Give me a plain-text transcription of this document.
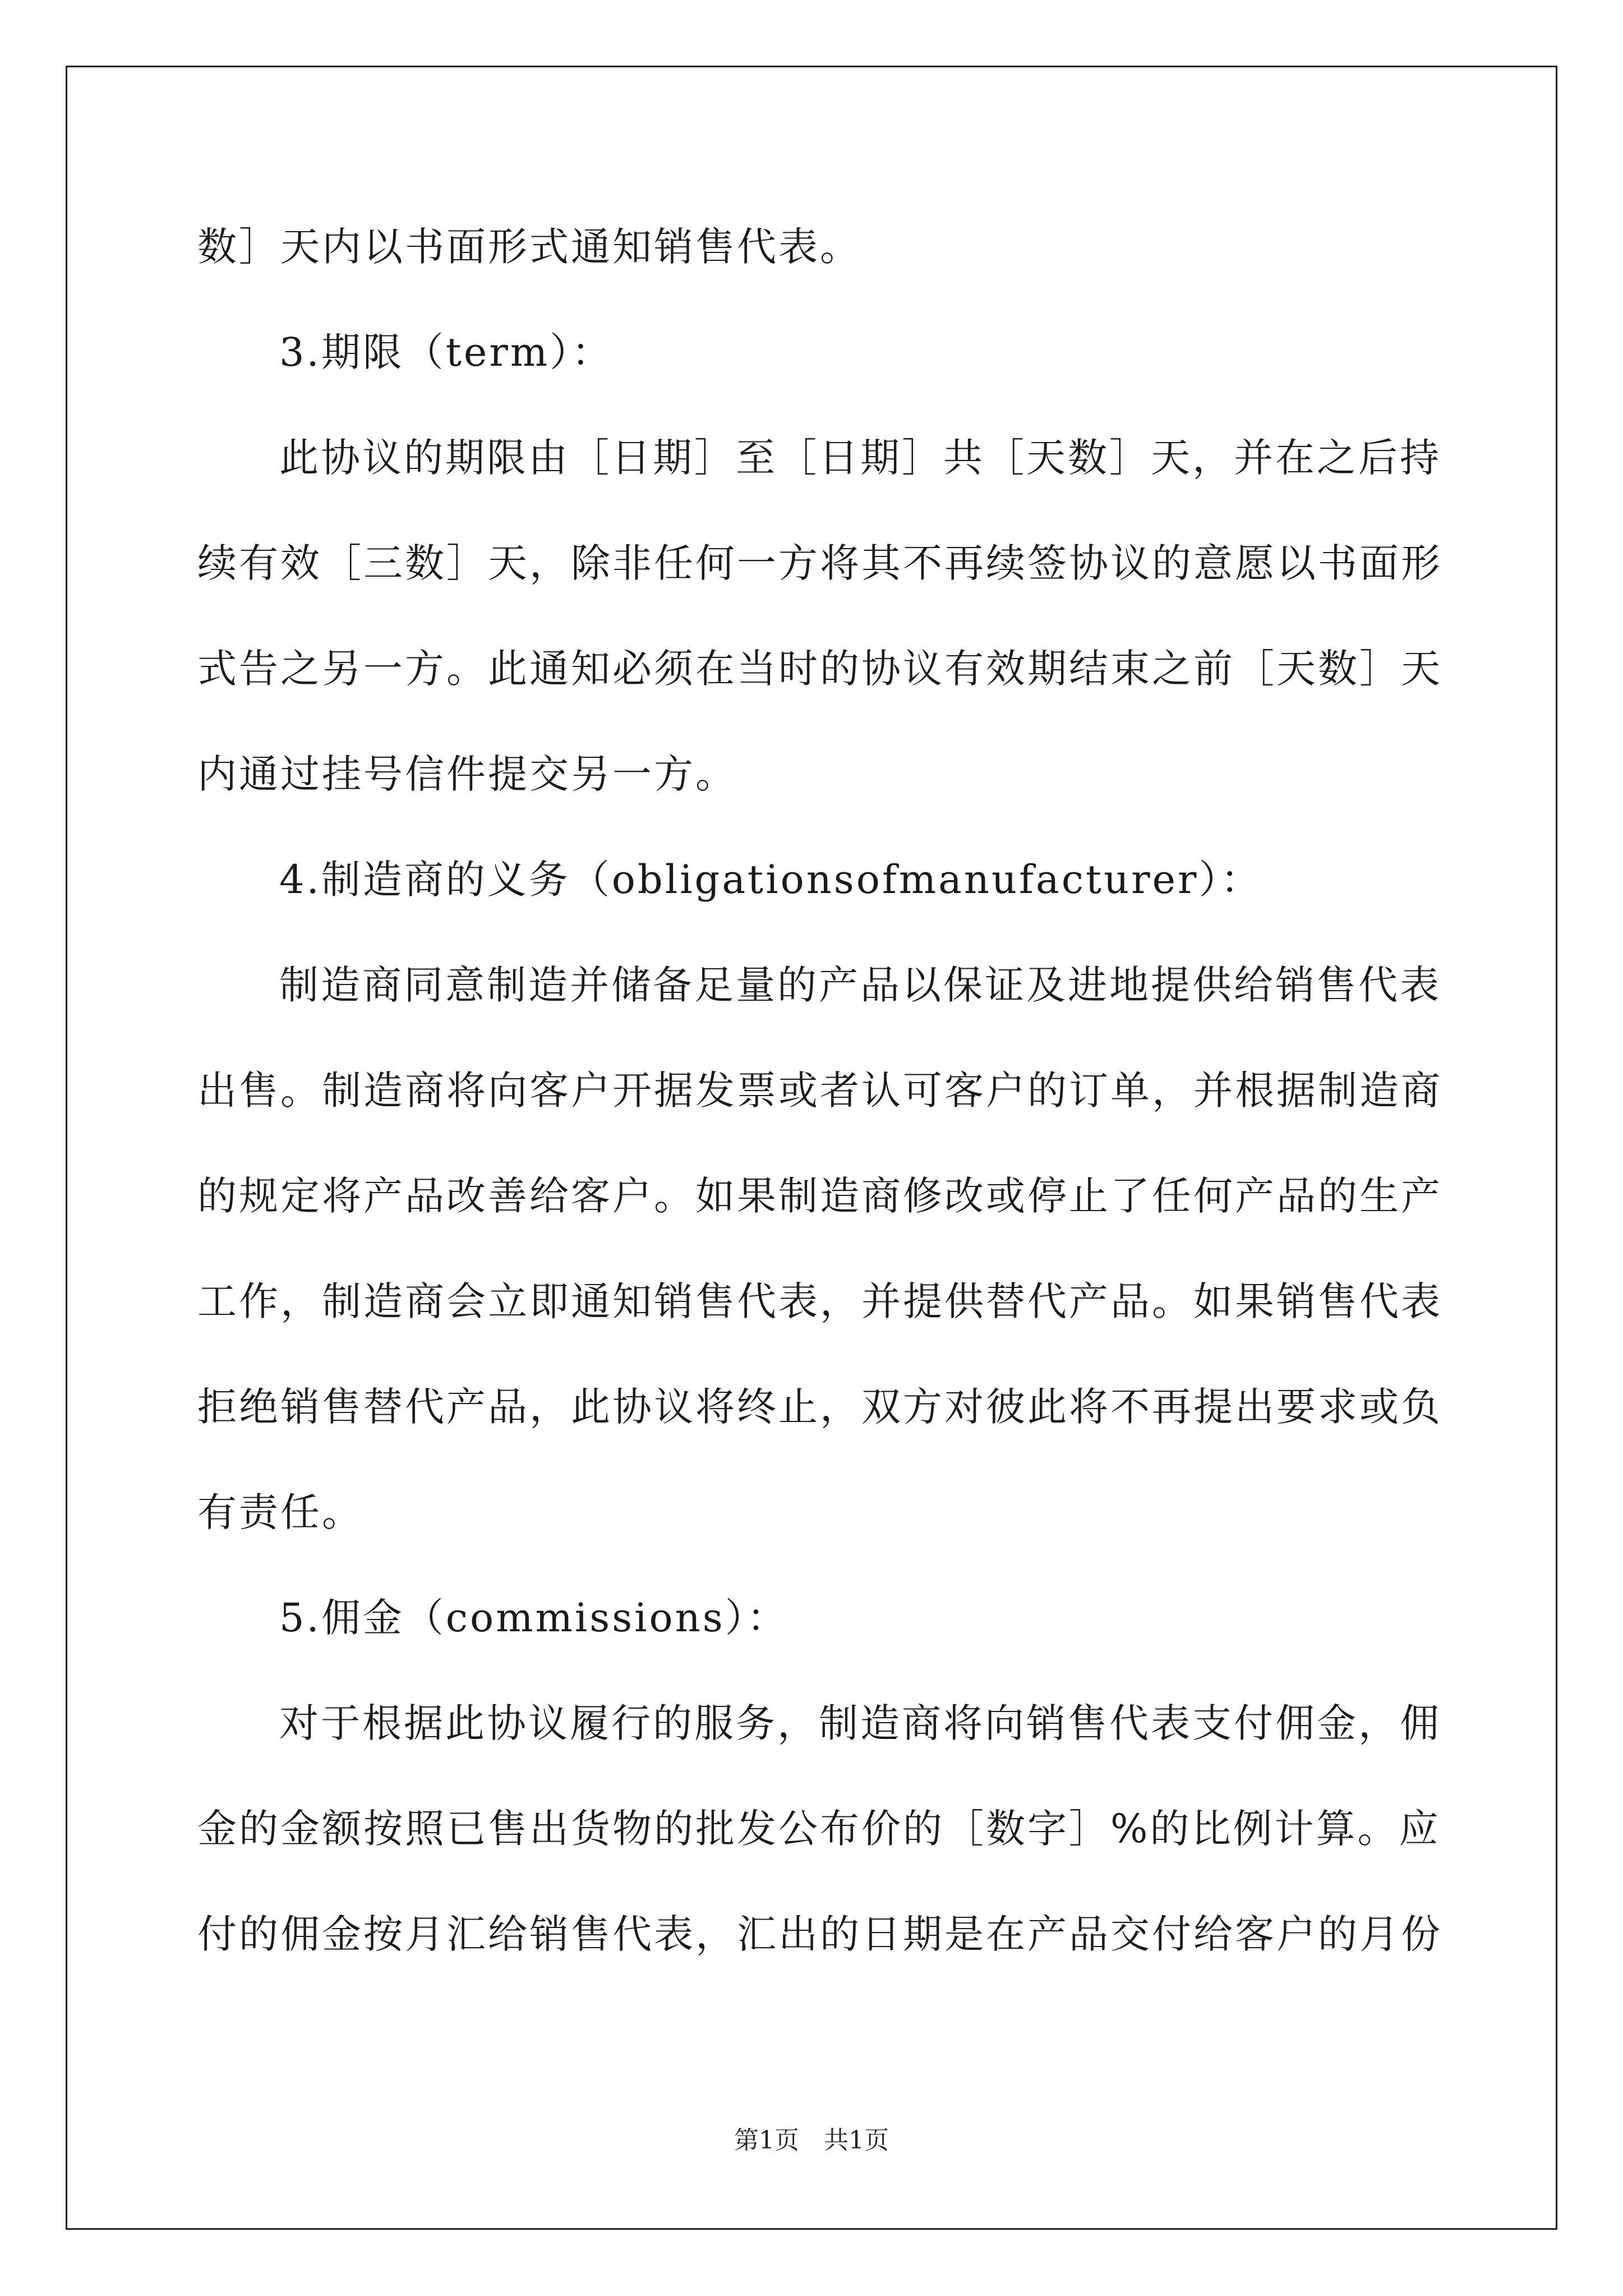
数］天内以书面形式通知销售代表。
3.期限（term）：
此协议的期限由［日期］至［日期］共［天数］天，并在之后持
续有效［三数］天，除非任何一方将其不再续签协议的意愿以书面形
式告之另一方。此通知必须在当时的协议有效期结束之前［天数］天
内通过挂号信件提交另一方。
4.制造商的义务（obligationsofmanufacturer）：
制造商同意制造并储备足量的产品以保证及进地提供给销售代表
出售。制造商将向客户开据发票或者认可客户的订单，并根据制造商
的规定将产品改善给客户。如果制造商修改或停止了任何产品的生产
工作，制造商会立即通知销售代表，并提供替代产品。如果销售代表
拒绝销售替代产品，此协议将终止，双方对彼此将不再提出要求或负
有责任。
5.佣金（commissions）：
对于根据此协议履行的服务，制造商将向销售代表支付佣金，佣
金的金额按照已售出货物的批发公布价的［数字］%的比例计算。应
付的佣金按月汇给销售代表，汇出的日期是在产品交付给客户的月份
第1页　共1页
